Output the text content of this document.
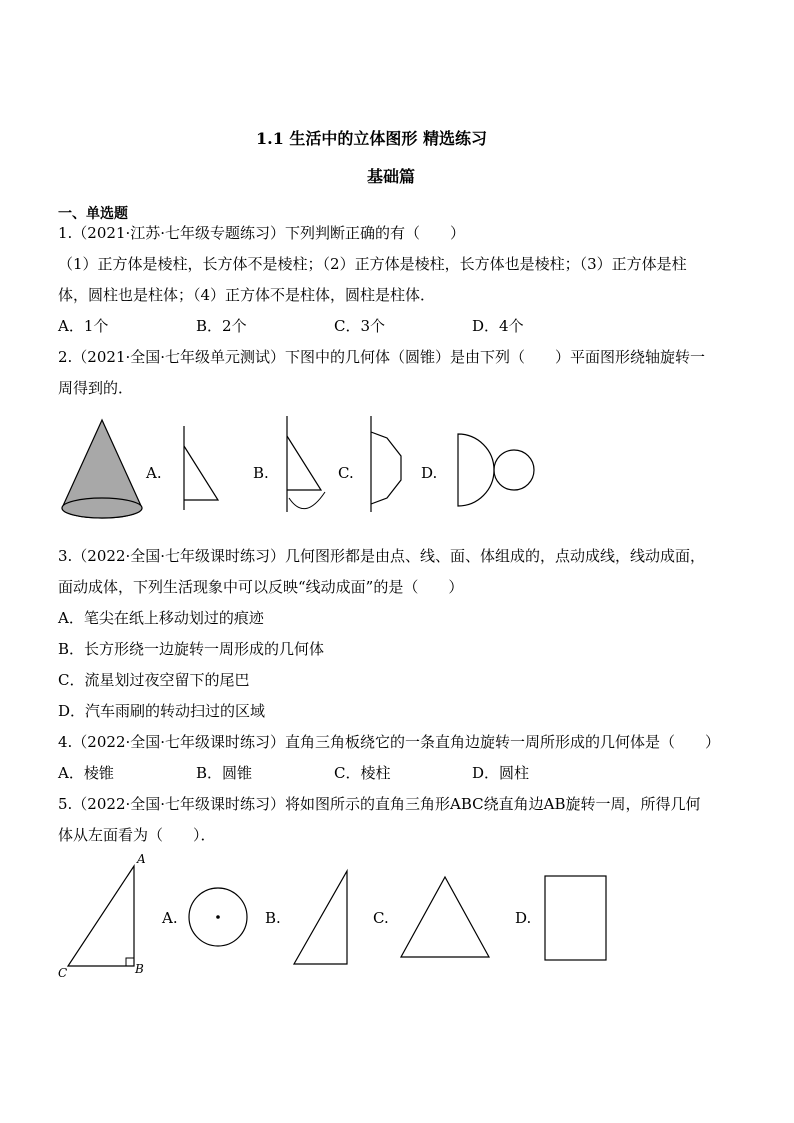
1.1 生活中的立体图形 精选练习
基础篇
一、单选题
1.（2021·江苏·七年级专题练习）下列判断正确的有（　　）
（1）正方体是棱柱，长方体不是棱柱；（2）正方体是棱柱，长方体也是棱柱；（3）正方体是柱
体，圆柱也是柱体；（4）正方体不是柱体，圆柱是柱体．
A．1个	B．2个	C．3个	D．4个
2.（2021·全国·七年级单元测试）下图中的几何体（圆锥）是由下列（　　）平面图形绕轴旋转一
周得到的．
A.	B.	C.	D.
3.（2022·全国·七年级课时练习）几何图形都是由点、线、面、体组成的，点动成线，线动成面，
面动成体，下列生活现象中可以反映“线动成面”的是（　　）
A．笔尖在纸上移动划过的痕迹
B．长方形绕一边旋转一周形成的几何体
C．流星划过夜空留下的尾巴
D．汽车雨刷的转动扫过的区域
4.（2022·全国·七年级课时练习）直角三角板绕它的一条直角边旋转一周所形成的几何体是（　　）
A．棱锥	B．圆锥	C．棱柱	D．圆柱
5.（2022·全国·七年级课时练习）将如图所示的直角三角形ABC绕直角边AB旋转一周，所得几何
体从左面看为（　　）．
A
B
C
A.	B.	C.	D.
